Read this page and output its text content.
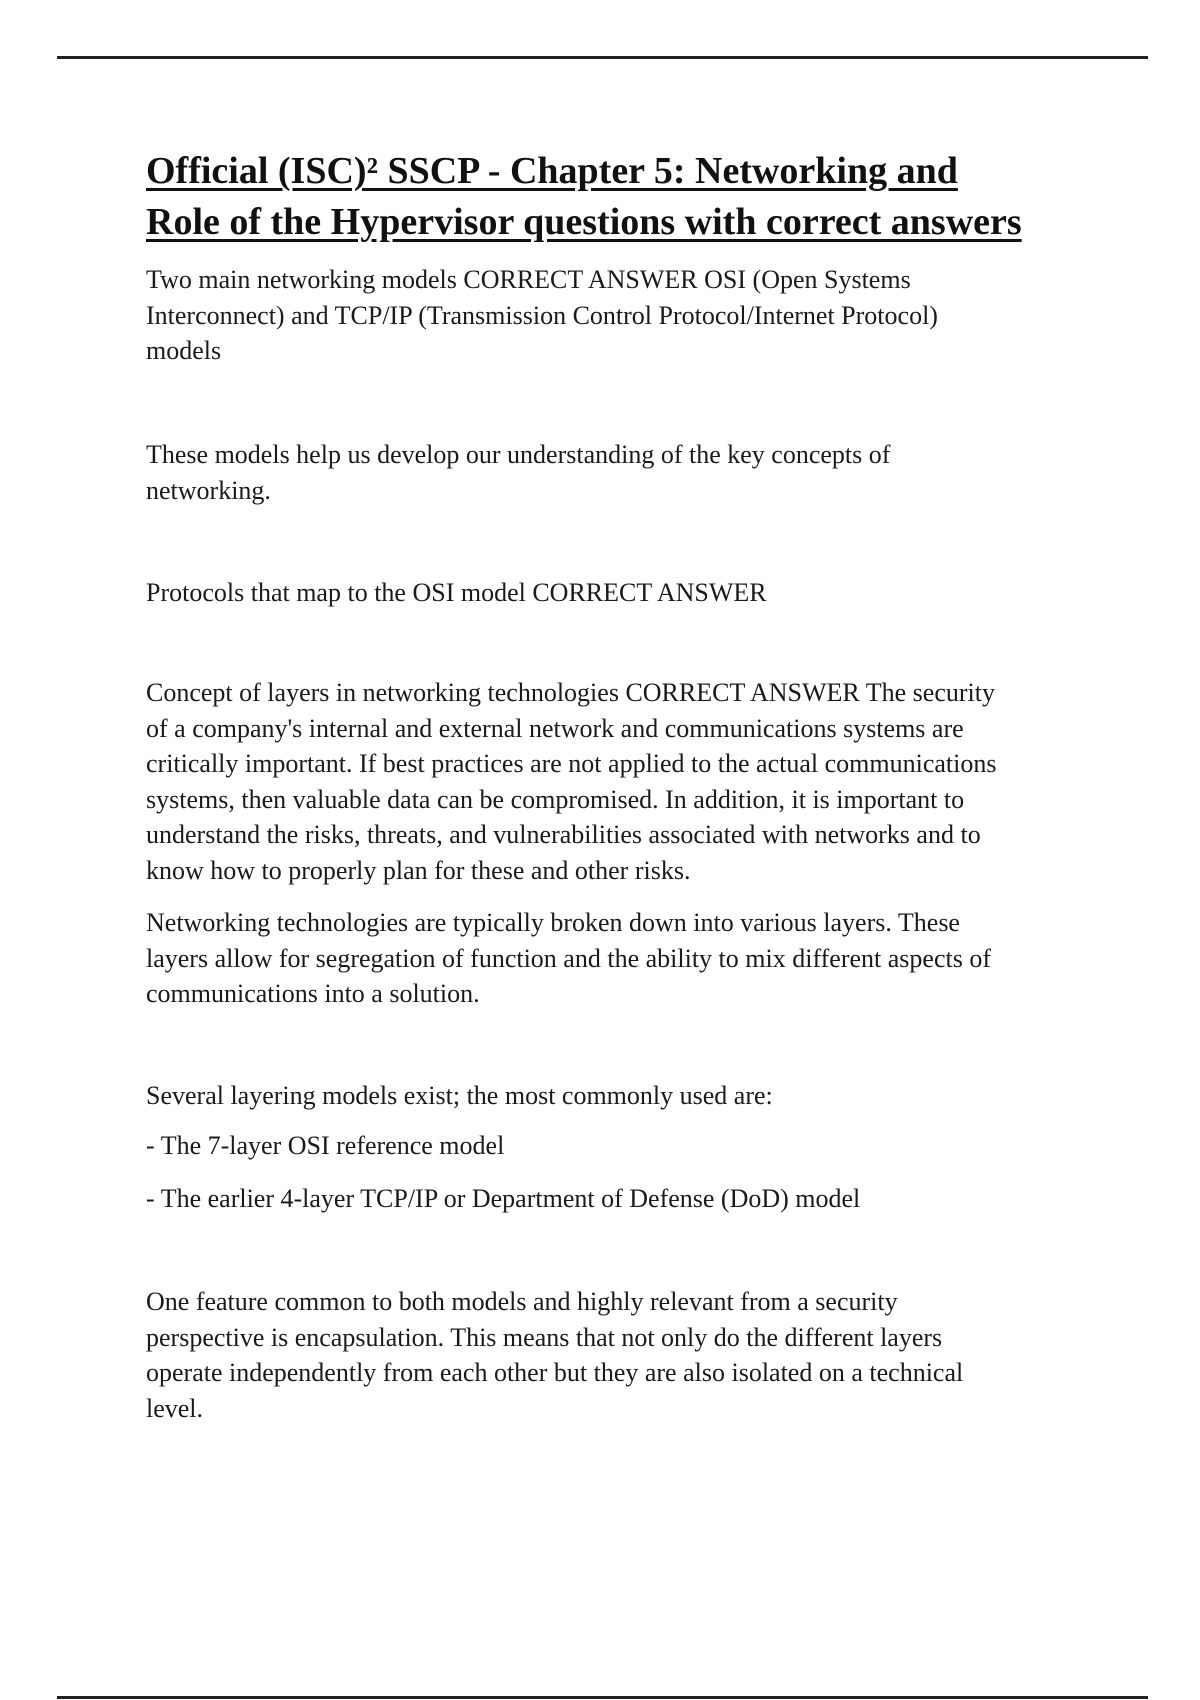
Official (ISC)² SSCP - Chapter 5: Networking and
Role of the Hypervisor questions with correct answers
Two main networking models CORRECT ANSWER OSI (Open Systems
Interconnect) and TCP/IP (Transmission Control Protocol/Internet Protocol)
models
These models help us develop our understanding of the key concepts of
networking.
Protocols that map to the OSI model CORRECT ANSWER
Concept of layers in networking technologies CORRECT ANSWER The security
of a company's internal and external network and communications systems are
critically important. If best practices are not applied to the actual communications
systems, then valuable data can be compromised. In addition, it is important to
understand the risks, threats, and vulnerabilities associated with networks and to
know how to properly plan for these and other risks.
Networking technologies are typically broken down into various layers. These
layers allow for segregation of function and the ability to mix different aspects of
communications into a solution.
Several layering models exist; the most commonly used are:
- The 7-layer OSI reference model
- The earlier 4-layer TCP/IP or Department of Defense (DoD) model
One feature common to both models and highly relevant from a security
perspective is encapsulation. This means that not only do the different layers
operate independently from each other but they are also isolated on a technical
level.
